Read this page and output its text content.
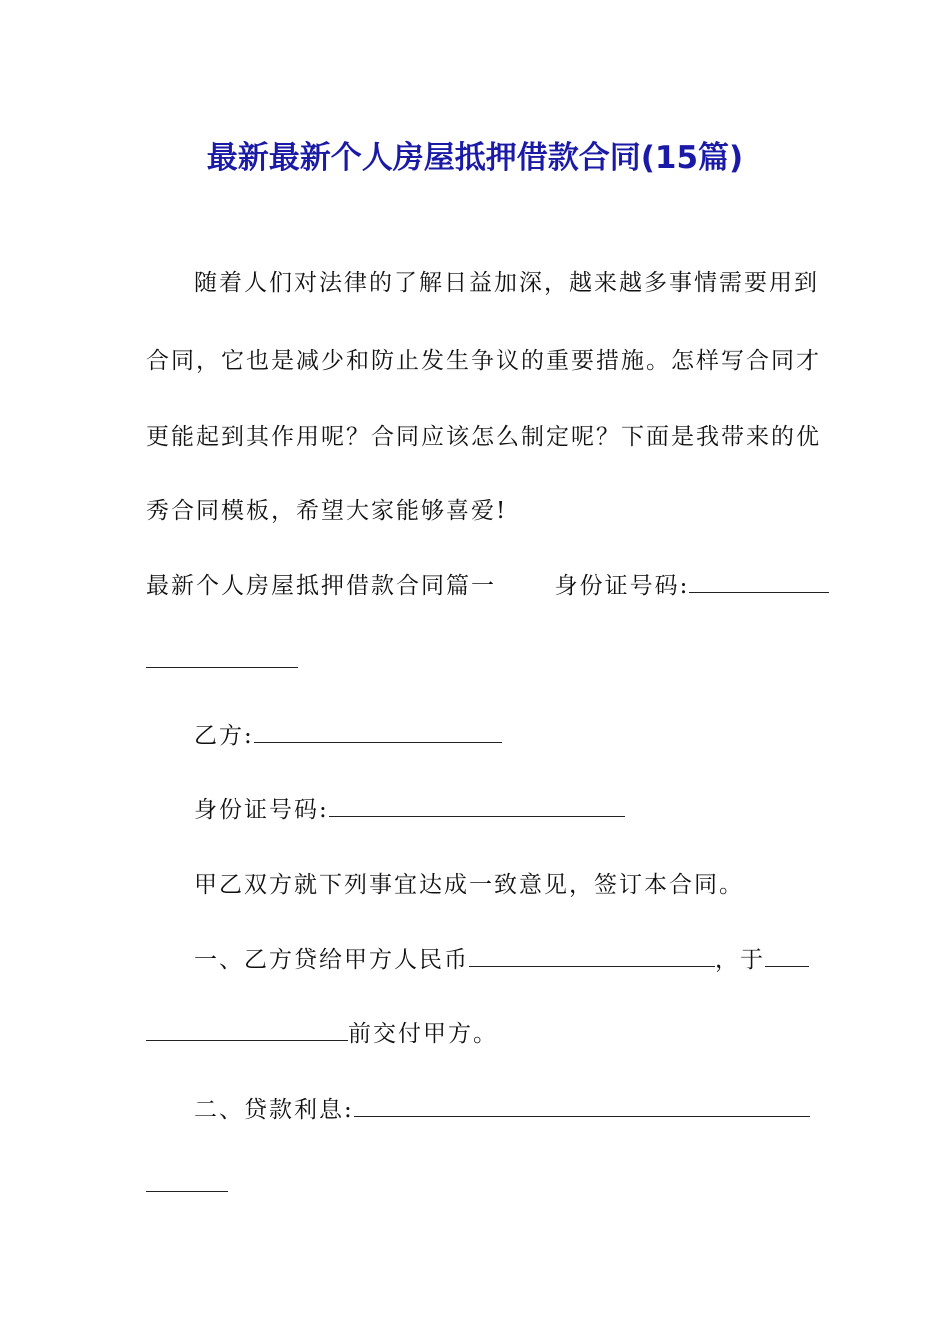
最新最新个人房屋抵押借款合同(15篇)

随着人们对法律的了解日益加深，越来越多事情需要用到

合同，它也是减少和防止发生争议的重要措施。怎样写合同才

更能起到其作用呢？合同应该怎么制定呢？下面是我带来的优

秀合同模板，希望大家能够喜爱!

最新个人房屋抵押借款合同篇一	身份证号码:

乙方:

身份证号码:

甲乙双方就下列事宜达成一致意见，签订本合同。

一、乙方贷给甲方人民币	，于

前交付甲方。

二、贷款利息:
